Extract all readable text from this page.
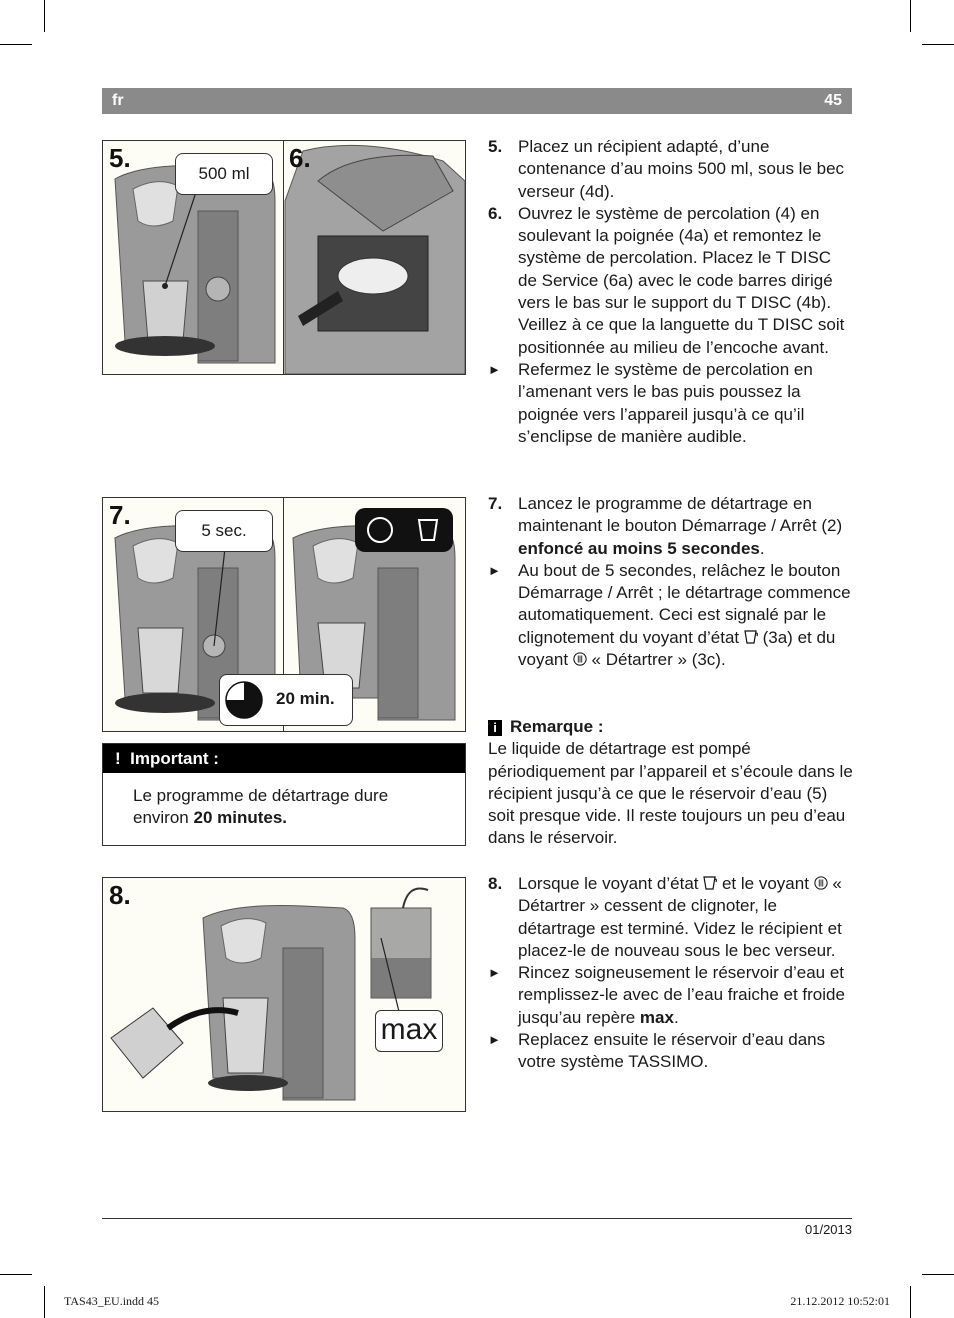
fr	45
5.	6.
500 ml
7.
5 sec.
20 min.
! Important :
Le programme de détartrage dure
environ 20 minutes.
8.
max
5. Placez un récipient adapté, d’une contenance d’au moins 500 ml, sous le bec verseur (4d).
6. Ouvrez le système de percolation (4) en soulevant la poignée (4a) et remontez le système de percolation. Placez le T DISC de Service (6a) avec le code barres dirigé vers le bas sur le support du T DISC (4b). Veillez à ce que la languette du T DISC soit positionnée au milieu de l’encoche avant.
► Refermez le système de percolation en l’amenant vers le bas puis poussez la poignée vers l’appareil jusqu’à ce qu’il s’enclipse de manière audible.
7. Lancez le programme de détartrage en maintenant le bouton Démarrage / Arrêt (2) enfoncé au moins 5 secondes.
► Au bout de 5 secondes, relâchez le bouton Démarrage / Arrêt ; le détartrage commence automatiquement. Ceci est signalé par le clignotement du voyant d’état  (3a) et du voyant  « Détartrer » (3c).
i Remarque :
Le liquide de détartrage est pompé périodiquement par l’appareil et s’écoule dans le récipient jusqu’à ce que le réservoir d’eau (5) soit presque vide. Il reste toujours un peu d’eau dans le réservoir.
8. Lorsque le voyant d’état  et le voyant  « Détartrer » cessent de clignoter, le détartrage est terminé. Videz le récipient et placez-le de nouveau sous le bec verseur.
► Rincez soigneusement le réservoir d’eau et remplissez-le avec de l’eau fraiche et froide jusqu’au repère max.
► Replacez ensuite le réservoir d’eau dans votre système TASSIMO.
01/2013
TAS43_EU.indd 45	21.12.2012 10:52:01
